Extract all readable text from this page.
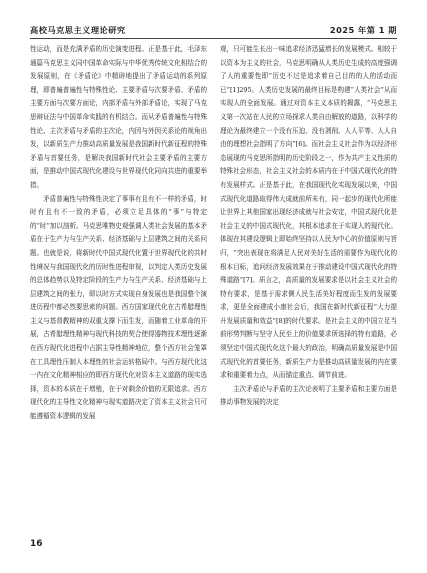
高校马克思主义理论研究	2025 年第 1 期

性运动，而是充满矛盾的历史演变进程。正是基于此，毛泽东通篇马克思主义同中国革命实际与中华优秀传统文化相结合的发展原则，在《矛盾论》中精辟地提出了矛盾运动的系列原理，即普遍普遍性与特殊性论、主要矛盾与次要矛盾、矛盾的主要方面与次要方面论，内部矛盾与外部矛盾论，实现了马克思辩证法与中国革命实践的有机结合。而从矛盾普遍性与特殊性论、主次矛盾与矛盾的主次论，内因与外因关系论的视角出发，以新质生产力推动高质量发展是我国新时代新征程的特殊矛盾与首要任务，是解决我国新时代社会主要矛盾的主要方面，是推动中国式现代化建设与世界现代化同向共进的重要举措。

矛盾普遍性与特殊性决定了事事有且有不一样的矛盾，时时有且有不一致的矛盾，必须立足具体的“事”与特定的“时”加以剖析。马克思唯物史观强调人类社会发展的基本矛盾在于生产力与生产关系、经济基础与上层建筑之间的关系问题。也就是说，将新时代中国式现代化置于世界现代化的共时性境况与我国现代化的历时性进程审视，以判定人类历史发展的总体趋势以及特定阶段的生产力与生产关系、经济基础与上层建筑之间的张力，即以时方式实现自身发展也是我国整个演进历程中都必然要思索的问题。西方国家现代化在古希腊理性主义与基督教精神的双重支撑下而生发，而随着工业革命的开展，古希腊理性精神与现代科技的契合使得器物技术理性逐渐在西方现代化进程中占据主导性精神地位，整个西方社会笼罩在工具理性压制人本理性的社会运转格局中。与西方现代化这一内在文化精神相应的即西方现代化对资本主义道路的现实选择，资本的本质在于增殖，在于对剩余价值的无限追求。西方现代化的主导性文化精神与现实道路决定了资本主义社会只可能遵循资本逻辑的发展

观，只可能生长出一味追求经济迅猛增长的发展模式。相较于以资本为主义的社会，马克思明确从人类历史生成的高度强调了人的重要性即“历史不过是追求着自己目的的人的活动而已”[1]295。人类历史发展的最终目标是构建“人类社会”从而实现人的全面发展。通过对资本主义本质的揭露，“马克思主义第一次站在人民的立场探求人类自由解放的道路，以科学的理论为最终建立一个没有压迫、没有剥削、人人平等、人人自由的理想社会指明了方向”[6]。而社会主义社会作为以经济形态展现的马克思所指明的历史阶段之一，作为共产主义性质的特殊社会形态，社会主义社会的本质内在于中国式现代化的特有发展样式。正是基于此，在我国现代化实现发展以来，中国式现代化道路取得伟大成就前所未有，同一起步的现代化所能让世界上其他国家出现经济成就与社会安定，中国式现代化是社会主义的中国式现代化，其根本追求在于实现人的现代化。体现在其建设逻辑上即始终坚持以人民为中心的价值原则与旨归，“突出表现在将满足人民对美好生活的需要作为现代化的根本目标，追问经济发展效果在于推动建设中国式现代化的特殊道路”[7]。质言之，高质量的发展要求是以社会主义社会的特有要求，是基于需求侧人民生活美好程度而生发的发展要求，更是全面建成小康社会后，我国在新时代新征程“大力提升发展质量和效益”[8]的时代要求。是社会主义的中国立足当前形势判断与坚守人民至上的价值要求所选择的特有道路，必须坚定中国式现代化这个最大的政治，明确高质量发展是中国式现代化的首要任务，新质生产力是推动高质量发展的内在要求和重要着力点，从而锚定重点、调节前进。

主次矛盾论与矛盾的主次论表明了主要矛盾和主要方面是推动事物发展的决定

16
